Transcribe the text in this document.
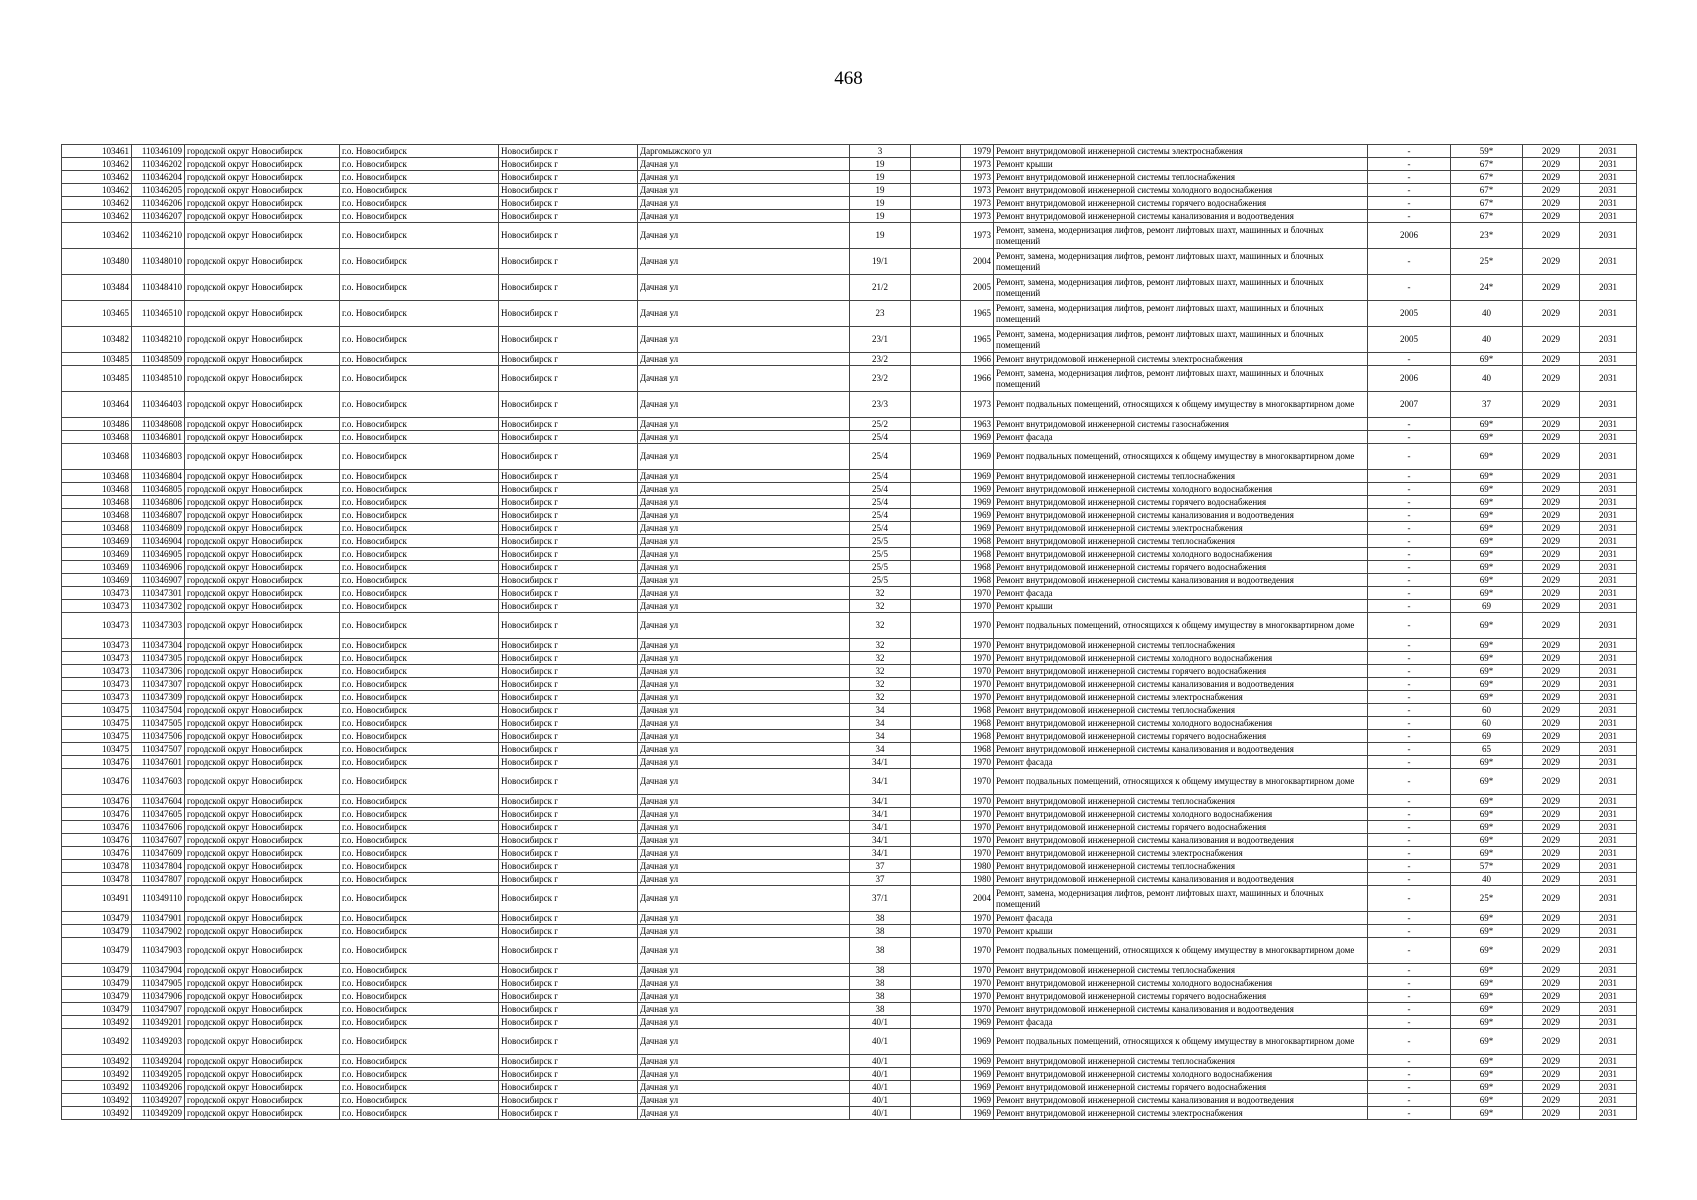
468
103461	110346109	городской округ Новосибирск	г.о. Новосибирск	Новосибирск г	Даргомыжского ул	3		1979	Ремонт внутридомовой инженерной системы электроснабжения	-	59*	2029	2031
103462	110346202	городской округ Новосибирск	г.о. Новосибирск	Новосибирск г	Дачная ул	19		1973	Ремонт крыши	-	67*	2029	2031
103462	110346204	городской округ Новосибирск	г.о. Новосибирск	Новосибирск г	Дачная ул	19		1973	Ремонт внутридомовой инженерной системы теплоснабжения	-	67*	2029	2031
103462	110346205	городской округ Новосибирск	г.о. Новосибирск	Новосибирск г	Дачная ул	19		1973	Ремонт внутридомовой инженерной системы холодного водоснабжения	-	67*	2029	2031
103462	110346206	городской округ Новосибирск	г.о. Новосибирск	Новосибирск г	Дачная ул	19		1973	Ремонт внутридомовой инженерной системы горячего водоснабжения	-	67*	2029	2031
103462	110346207	городской округ Новосибирск	г.о. Новосибирск	Новосибирск г	Дачная ул	19		1973	Ремонт внутридомовой инженерной системы канализования и водоотведения	-	67*	2029	2031
103462	110346210	городской округ Новосибирск	г.о. Новосибирск	Новосибирск г	Дачная ул	19		1973	Ремонт, замена, модернизация лифтов, ремонт лифтовых шахт, машинных и блочных помещений	2006	23*	2029	2031
103480	110348010	городской округ Новосибирск	г.о. Новосибирск	Новосибирск г	Дачная ул	19/1		2004	Ремонт, замена, модернизация лифтов, ремонт лифтовых шахт, машинных и блочных помещений	-	25*	2029	2031
103484	110348410	городской округ Новосибирск	г.о. Новосибирск	Новосибирск г	Дачная ул	21/2		2005	Ремонт, замена, модернизация лифтов, ремонт лифтовых шахт, машинных и блочных помещений	-	24*	2029	2031
103465	110346510	городской округ Новосибирск	г.о. Новосибирск	Новосибирск г	Дачная ул	23		1965	Ремонт, замена, модернизация лифтов, ремонт лифтовых шахт, машинных и блочных помещений	2005	40	2029	2031
103482	110348210	городской округ Новосибирск	г.о. Новосибирск	Новосибирск г	Дачная ул	23/1		1965	Ремонт, замена, модернизация лифтов, ремонт лифтовых шахт, машинных и блочных помещений	2005	40	2029	2031
103485	110348509	городской округ Новосибирск	г.о. Новосибирск	Новосибирск г	Дачная ул	23/2		1966	Ремонт внутридомовой инженерной системы электроснабжения	-	69*	2029	2031
103485	110348510	городской округ Новосибирск	г.о. Новосибирск	Новосибирск г	Дачная ул	23/2		1966	Ремонт, замена, модернизация лифтов, ремонт лифтовых шахт, машинных и блочных помещений	2006	40	2029	2031
103464	110346403	городской округ Новосибирск	г.о. Новосибирск	Новосибирск г	Дачная ул	23/3		1973	Ремонт подвальных помещений, относящихся к общему имуществу в многоквартирном доме	2007	37	2029	2031
103486	110348608	городской округ Новосибирск	г.о. Новосибирск	Новосибирск г	Дачная ул	25/2		1963	Ремонт внутридомовой инженерной системы газоснабжения	-	69*	2029	2031
103468	110346801	городской округ Новосибирск	г.о. Новосибирск	Новосибирск г	Дачная ул	25/4		1969	Ремонт фасада	-	69*	2029	2031
103468	110346803	городской округ Новосибирск	г.о. Новосибирск	Новосибирск г	Дачная ул	25/4		1969	Ремонт подвальных помещений, относящихся к общему имуществу в многоквартирном доме	-	69*	2029	2031
103468	110346804	городской округ Новосибирск	г.о. Новосибирск	Новосибирск г	Дачная ул	25/4		1969	Ремонт внутридомовой инженерной системы теплоснабжения	-	69*	2029	2031
103468	110346805	городской округ Новосибирск	г.о. Новосибирск	Новосибирск г	Дачная ул	25/4		1969	Ремонт внутридомовой инженерной системы холодного водоснабжения	-	69*	2029	2031
103468	110346806	городской округ Новосибирск	г.о. Новосибирск	Новосибирск г	Дачная ул	25/4		1969	Ремонт внутридомовой инженерной системы горячего водоснабжения	-	69*	2029	2031
103468	110346807	городской округ Новосибирск	г.о. Новосибирск	Новосибирск г	Дачная ул	25/4		1969	Ремонт внутридомовой инженерной системы канализования и водоотведения	-	69*	2029	2031
103468	110346809	городской округ Новосибирск	г.о. Новосибирск	Новосибирск г	Дачная ул	25/4		1969	Ремонт внутридомовой инженерной системы электроснабжения	-	69*	2029	2031
103469	110346904	городской округ Новосибирск	г.о. Новосибирск	Новосибирск г	Дачная ул	25/5		1968	Ремонт внутридомовой инженерной системы теплоснабжения	-	69*	2029	2031
103469	110346905	городской округ Новосибирск	г.о. Новосибирск	Новосибирск г	Дачная ул	25/5		1968	Ремонт внутридомовой инженерной системы холодного водоснабжения	-	69*	2029	2031
103469	110346906	городской округ Новосибирск	г.о. Новосибирск	Новосибирск г	Дачная ул	25/5		1968	Ремонт внутридомовой инженерной системы горячего водоснабжения	-	69*	2029	2031
103469	110346907	городской округ Новосибирск	г.о. Новосибирск	Новосибирск г	Дачная ул	25/5		1968	Ремонт внутридомовой инженерной системы канализования и водоотведения	-	69*	2029	2031
103473	110347301	городской округ Новосибирск	г.о. Новосибирск	Новосибирск г	Дачная ул	32		1970	Ремонт фасада	-	69*	2029	2031
103473	110347302	городской округ Новосибирск	г.о. Новосибирск	Новосибирск г	Дачная ул	32		1970	Ремонт крыши	-	69	2029	2031
103473	110347303	городской округ Новосибирск	г.о. Новосибирск	Новосибирск г	Дачная ул	32		1970	Ремонт подвальных помещений, относящихся к общему имуществу в многоквартирном доме	-	69*	2029	2031
103473	110347304	городской округ Новосибирск	г.о. Новосибирск	Новосибирск г	Дачная ул	32		1970	Ремонт внутридомовой инженерной системы теплоснабжения	-	69*	2029	2031
103473	110347305	городской округ Новосибирск	г.о. Новосибирск	Новосибирск г	Дачная ул	32		1970	Ремонт внутридомовой инженерной системы холодного водоснабжения	-	69*	2029	2031
103473	110347306	городской округ Новосибирск	г.о. Новосибирск	Новосибирск г	Дачная ул	32		1970	Ремонт внутридомовой инженерной системы горячего водоснабжения	-	69*	2029	2031
103473	110347307	городской округ Новосибирск	г.о. Новосибирск	Новосибирск г	Дачная ул	32		1970	Ремонт внутридомовой инженерной системы канализования и водоотведения	-	69*	2029	2031
103473	110347309	городской округ Новосибирск	г.о. Новосибирск	Новосибирск г	Дачная ул	32		1970	Ремонт внутридомовой инженерной системы электроснабжения	-	69*	2029	2031
103475	110347504	городской округ Новосибирск	г.о. Новосибирск	Новосибирск г	Дачная ул	34		1968	Ремонт внутридомовой инженерной системы теплоснабжения	-	60	2029	2031
103475	110347505	городской округ Новосибирск	г.о. Новосибирск	Новосибирск г	Дачная ул	34		1968	Ремонт внутридомовой инженерной системы холодного водоснабжения	-	60	2029	2031
103475	110347506	городской округ Новосибирск	г.о. Новосибирск	Новосибирск г	Дачная ул	34		1968	Ремонт внутридомовой инженерной системы горячего водоснабжения	-	69	2029	2031
103475	110347507	городской округ Новосибирск	г.о. Новосибирск	Новосибирск г	Дачная ул	34		1968	Ремонт внутридомовой инженерной системы канализования и водоотведения	-	65	2029	2031
103476	110347601	городской округ Новосибирск	г.о. Новосибирск	Новосибирск г	Дачная ул	34/1		1970	Ремонт фасада	-	69*	2029	2031
103476	110347603	городской округ Новосибирск	г.о. Новосибирск	Новосибирск г	Дачная ул	34/1		1970	Ремонт подвальных помещений, относящихся к общему имуществу в многоквартирном доме	-	69*	2029	2031
103476	110347604	городской округ Новосибирск	г.о. Новосибирск	Новосибирск г	Дачная ул	34/1		1970	Ремонт внутридомовой инженерной системы теплоснабжения	-	69*	2029	2031
103476	110347605	городской округ Новосибирск	г.о. Новосибирск	Новосибирск г	Дачная ул	34/1		1970	Ремонт внутридомовой инженерной системы холодного водоснабжения	-	69*	2029	2031
103476	110347606	городской округ Новосибирск	г.о. Новосибирск	Новосибирск г	Дачная ул	34/1		1970	Ремонт внутридомовой инженерной системы горячего водоснабжения	-	69*	2029	2031
103476	110347607	городской округ Новосибирск	г.о. Новосибирск	Новосибирск г	Дачная ул	34/1		1970	Ремонт внутридомовой инженерной системы канализования и водоотведения	-	69*	2029	2031
103476	110347609	городской округ Новосибирск	г.о. Новосибирск	Новосибирск г	Дачная ул	34/1		1970	Ремонт внутридомовой инженерной системы электроснабжения	-	69*	2029	2031
103478	110347804	городской округ Новосибирск	г.о. Новосибирск	Новосибирск г	Дачная ул	37		1980	Ремонт внутридомовой инженерной системы теплоснабжения	-	57*	2029	2031
103478	110347807	городской округ Новосибирск	г.о. Новосибирск	Новосибирск г	Дачная ул	37		1980	Ремонт внутридомовой инженерной системы канализования и водоотведения	-	40	2029	2031
103491	110349110	городской округ Новосибирск	г.о. Новосибирск	Новосибирск г	Дачная ул	37/1		2004	Ремонт, замена, модернизация лифтов, ремонт лифтовых шахт, машинных и блочных помещений	-	25*	2029	2031
103479	110347901	городской округ Новосибирск	г.о. Новосибирск	Новосибирск г	Дачная ул	38		1970	Ремонт фасада	-	69*	2029	2031
103479	110347902	городской округ Новосибирск	г.о. Новосибирск	Новосибирск г	Дачная ул	38		1970	Ремонт крыши	-	69*	2029	2031
103479	110347903	городской округ Новосибирск	г.о. Новосибирск	Новосибирск г	Дачная ул	38		1970	Ремонт подвальных помещений, относящихся к общему имуществу в многоквартирном доме	-	69*	2029	2031
103479	110347904	городской округ Новосибирск	г.о. Новосибирск	Новосибирск г	Дачная ул	38		1970	Ремонт внутридомовой инженерной системы теплоснабжения	-	69*	2029	2031
103479	110347905	городской округ Новосибирск	г.о. Новосибирск	Новосибирск г	Дачная ул	38		1970	Ремонт внутридомовой инженерной системы холодного водоснабжения	-	69*	2029	2031
103479	110347906	городской округ Новосибирск	г.о. Новосибирск	Новосибирск г	Дачная ул	38		1970	Ремонт внутридомовой инженерной системы горячего водоснабжения	-	69*	2029	2031
103479	110347907	городской округ Новосибирск	г.о. Новосибирск	Новосибирск г	Дачная ул	38		1970	Ремонт внутридомовой инженерной системы канализования и водоотведения	-	69*	2029	2031
103492	110349201	городской округ Новосибирск	г.о. Новосибирск	Новосибирск г	Дачная ул	40/1		1969	Ремонт фасада	-	69*	2029	2031
103492	110349203	городской округ Новосибирск	г.о. Новосибирск	Новосибирск г	Дачная ул	40/1		1969	Ремонт подвальных помещений, относящихся к общему имуществу в многоквартирном доме	-	69*	2029	2031
103492	110349204	городской округ Новосибирск	г.о. Новосибирск	Новосибирск г	Дачная ул	40/1		1969	Ремонт внутридомовой инженерной системы теплоснабжения	-	69*	2029	2031
103492	110349205	городской округ Новосибирск	г.о. Новосибирск	Новосибирск г	Дачная ул	40/1		1969	Ремонт внутридомовой инженерной системы холодного водоснабжения	-	69*	2029	2031
103492	110349206	городской округ Новосибирск	г.о. Новосибирск	Новосибирск г	Дачная ул	40/1		1969	Ремонт внутридомовой инженерной системы горячего водоснабжения	-	69*	2029	2031
103492	110349207	городской округ Новосибирск	г.о. Новосибирск	Новосибирск г	Дачная ул	40/1		1969	Ремонт внутридомовой инженерной системы канализования и водоотведения	-	69*	2029	2031
103492	110349209	городской округ Новосибирск	г.о. Новосибирск	Новосибирск г	Дачная ул	40/1		1969	Ремонт внутридомовой инженерной системы электроснабжения	-	69*	2029	2031
